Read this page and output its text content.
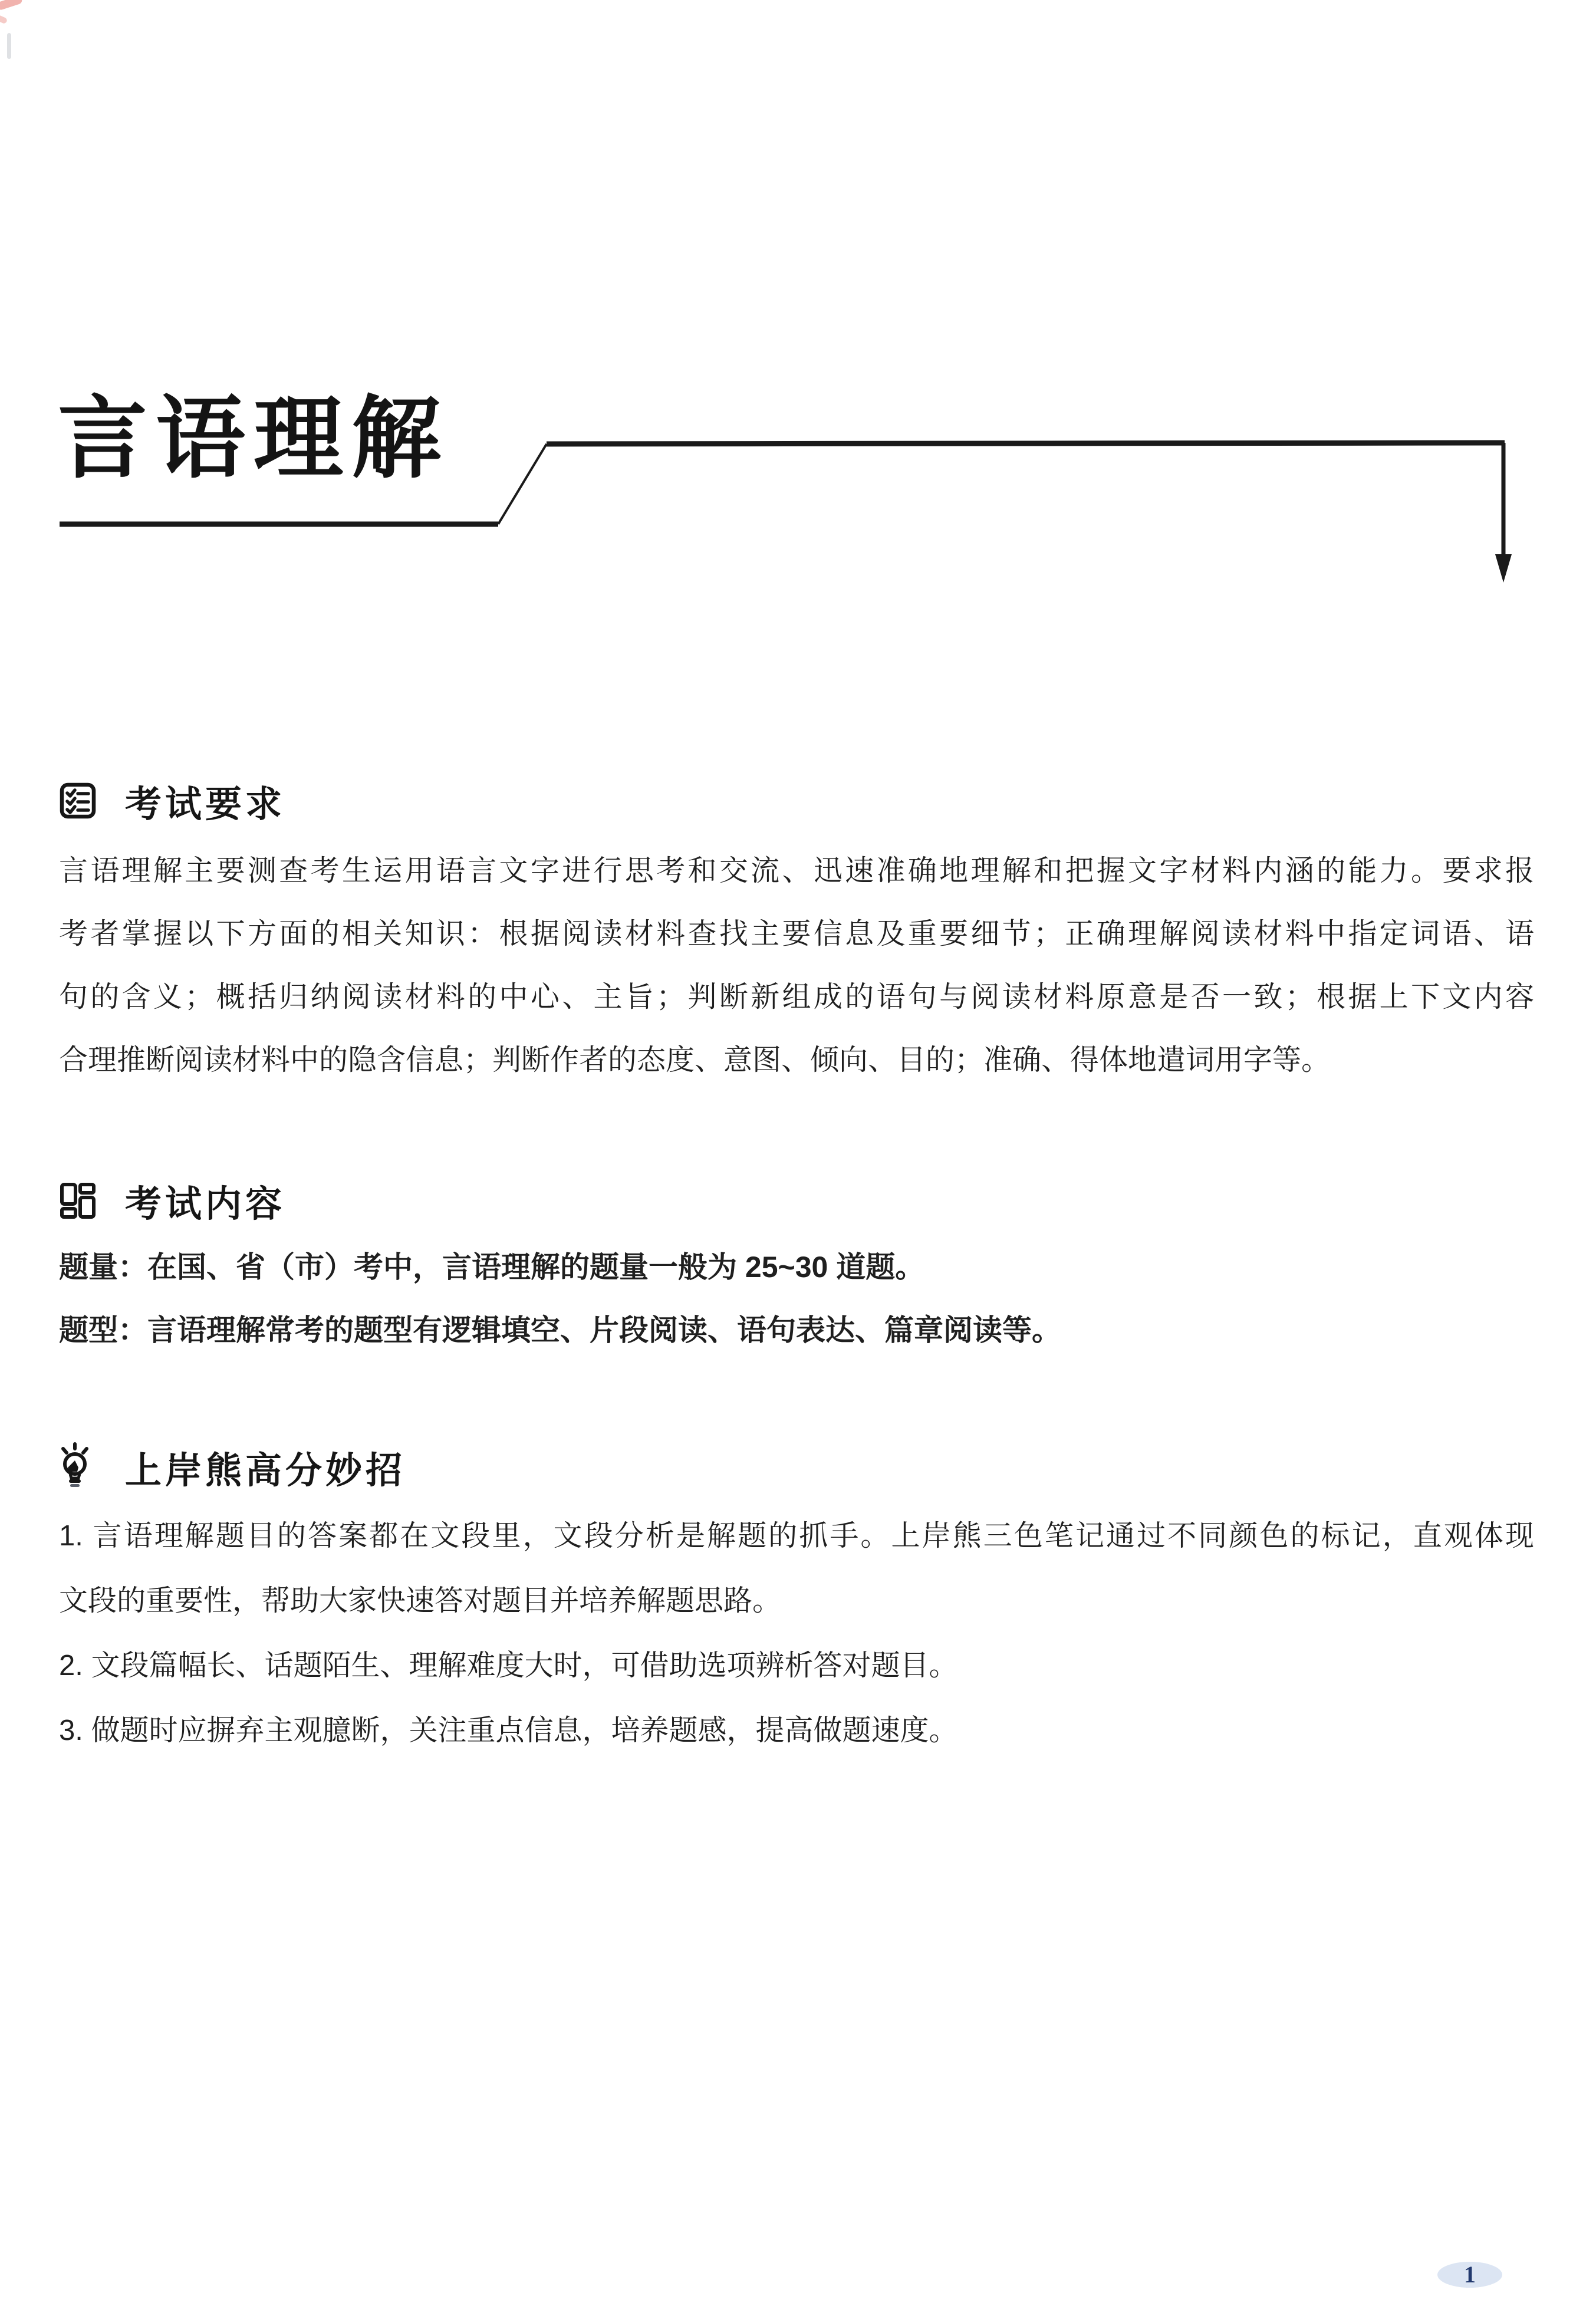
言语理解
考试要求
言语理解主要测查考生运用语言文字进行思考和交流、迅速准确地理解和把握文字材料内涵的能力。要求报
考者掌握以下方面的相关知识：根据阅读材料查找主要信息及重要细节；正确理解阅读材料中指定词语、语
句的含义；概括归纳阅读材料的中心、主旨；判断新组成的语句与阅读材料原意是否一致；根据上下文内容
合理推断阅读材料中的隐含信息；判断作者的态度、意图、倾向、目的；准确、得体地遣词用字等。
考试内容
题量：在国、省（市）考中，言语理解的题量一般为 25~30 道题。
题型：言语理解常考的题型有逻辑填空、片段阅读、语句表达、篇章阅读等。
上岸熊高分妙招
1. 言语理解题目的答案都在文段里，文段分析是解题的抓手。上岸熊三色笔记通过不同颜色的标记，直观体现
文段的重要性，帮助大家快速答对题目并培养解题思路。
2. 文段篇幅长、话题陌生、理解难度大时，可借助选项辨析答对题目。
3. 做题时应摒弃主观臆断，关注重点信息，培养题感，提高做题速度。
1
